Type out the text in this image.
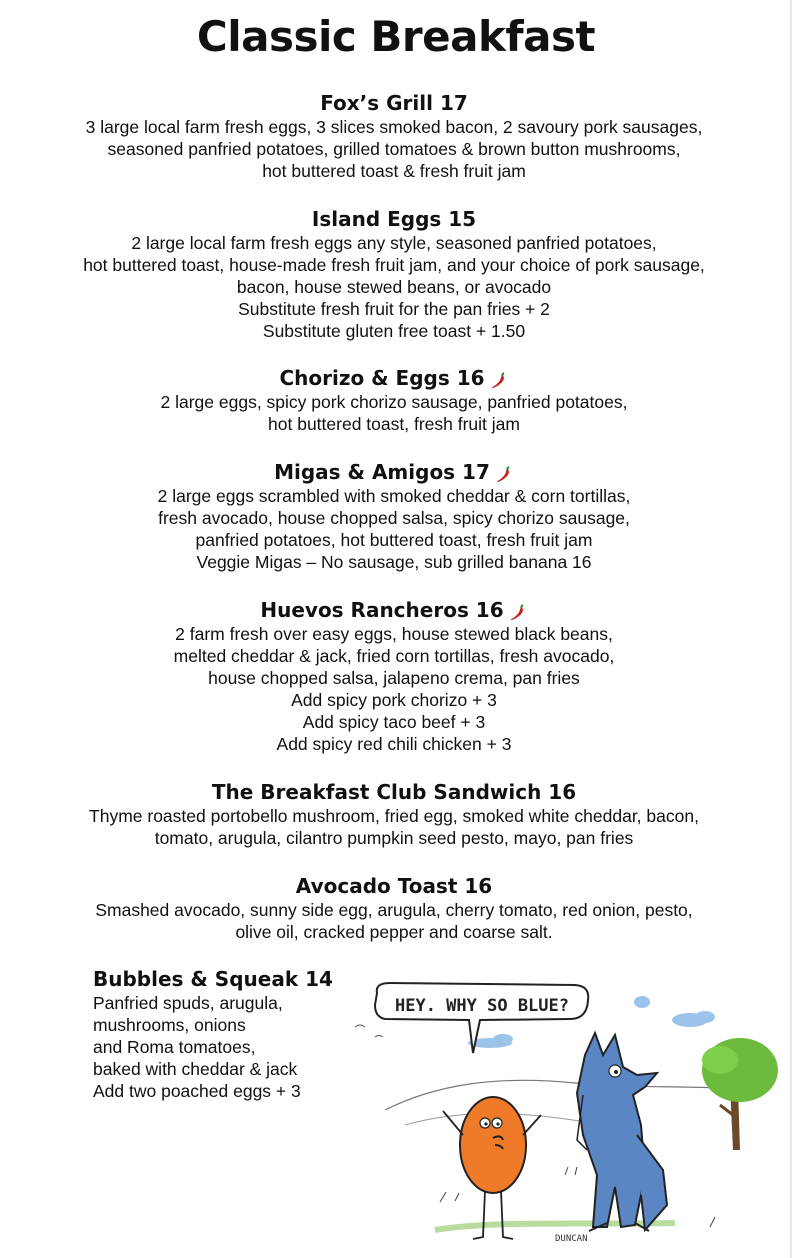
Classic Breakfast
Fox’s Grill 17
3 large local farm fresh eggs, 3 slices smoked bacon, 2 savoury pork sausages,
seasoned panfried potatoes, grilled tomatoes & brown button mushrooms,
hot buttered toast & fresh fruit jam
Island Eggs 15
2 large local farm fresh eggs any style, seasoned panfried potatoes,
hot buttered toast, house-made fresh fruit jam, and your choice of pork sausage,
bacon, house stewed beans, or avocado
Substitute fresh fruit for the pan fries + 2
Substitute gluten free toast + 1.50
Chorizo & Eggs 16
2 large eggs, spicy pork chorizo sausage, panfried potatoes,
hot buttered toast, fresh fruit jam
Migas & Amigos 17
2 large eggs scrambled with smoked cheddar & corn tortillas,
fresh avocado, house chopped salsa, spicy chorizo sausage,
panfried potatoes, hot buttered toast, fresh fruit jam
Veggie Migas – No sausage, sub grilled banana 16
Huevos Rancheros 16
2 farm fresh over easy eggs, house stewed black beans,
melted cheddar & jack, fried corn tortillas, fresh avocado,
house chopped salsa, jalapeno crema, pan fries
Add spicy pork chorizo + 3
Add spicy taco beef + 3
Add spicy red chili chicken + 3
The Breakfast Club Sandwich 16
Thyme roasted portobello mushroom, fried egg, smoked white cheddar, bacon,
tomato, arugula, cilantro pumpkin seed pesto, mayo, pan fries
Avocado Toast 16
Smashed avocado, sunny side egg, arugula, cherry tomato, red onion, pesto,
olive oil, cracked pepper and coarse salt.
Bubbles & Squeak 14
Panfried spuds, arugula,
mushrooms, onions
and Roma tomatoes,
baked with cheddar & jack
Add two poached eggs + 3
HEY. WHY SO BLUE?
DUNCAN
